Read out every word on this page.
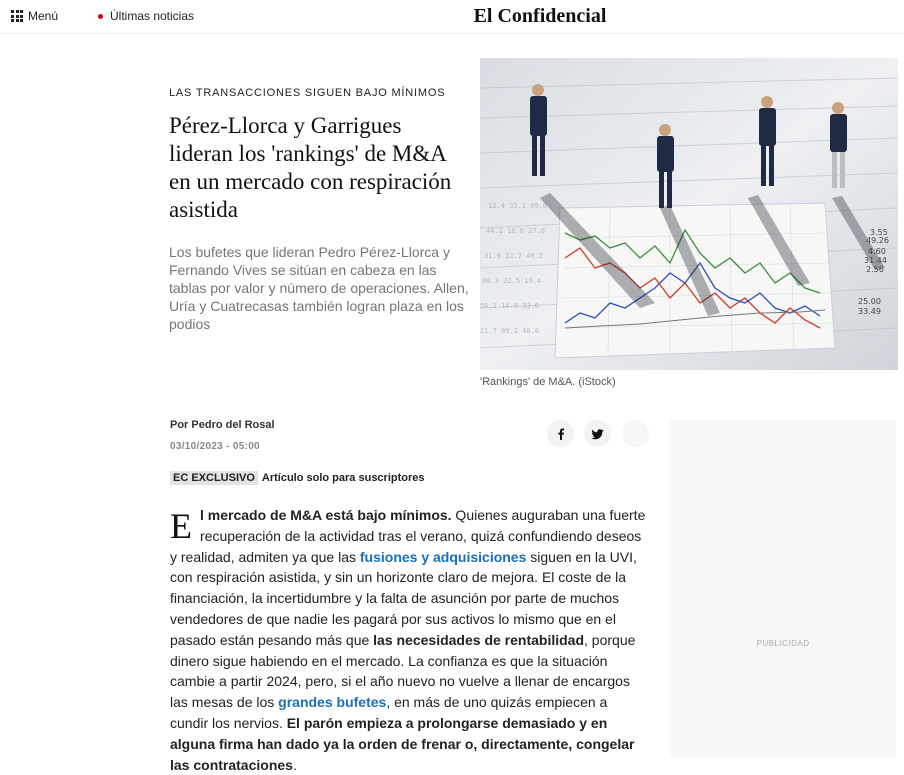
Menú	Últimas noticias	El Confidencial
LAS TRANSACCIONES SIGUEN BAJO MÍNIMOS
Pérez-Llorca y Garrigues lideran los 'rankings' de M&A en un mercado con respiración asistida

Los bufetes que lideran Pedro Pérez-Llorca y Fernando Vives se sitúan en cabeza en las tablas por valor y número de operaciones. Allen, Uría y Cuatrecasas también logran plaza en los podios

12.4 33.1 09.8
44.2 18.0 27.6
31.9 12.7 40.2
08.3 22.5 19.4
56.1 14.9 33.0
21.7 09.2 48.6
3.55
49.26
4.60
31.44
2.56
25.00
33.49
'Rankings' de M&A. (iStock)
Por Pedro del Rosal
03/10/2023 - 05:00
EC EXCLUSIVO Artículo solo para suscriptores
El mercado de M&A está bajo mínimos. Quienes auguraban una fuerte recuperación de la actividad tras el verano, quizá confundiendo deseos y realidad, admiten ya que las fusiones y adquisiciones siguen en la UVI, con respiración asistida, y sin un horizonte claro de mejora. El coste de la financiación, la incertidumbre y la falta de asunción por parte de muchos vendedores de que nadie les pagará por sus activos lo mismo que en el pasado están pesando más que las necesidades de rentabilidad, porque dinero sigue habiendo en el mercado. La confianza es que la situación cambie a partir 2024, pero, si el año nuevo no vuelve a llenar de encargos las mesas de los grandes bufetes, en más de uno quizás empiecen a cundir los nervios. El parón empieza a prolongarse demasiado y en alguna firma han dado ya la orden de frenar o, directamente, congelar las contrataciones.
PUBLICIDAD
